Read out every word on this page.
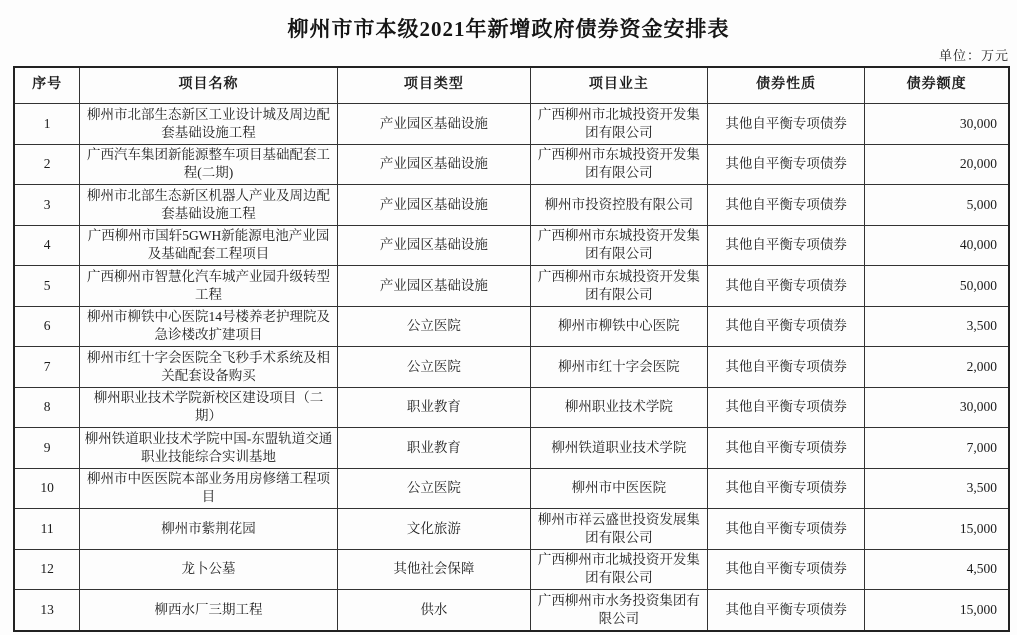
柳州市市本级2021年新增政府债券资金安排表
单位：万元
序号	项目名称	项目类型	项目业主	债券性质	债券额度
1	柳州市北部生态新区工业设计城及周边配套基础设施工程	产业园区基础设施	广西柳州市北城投资开发集团有限公司	其他自平衡专项债券	30,000
2	广西汽车集团新能源整车项目基础配套工程(二期)	产业园区基础设施	广西柳州市东城投资开发集团有限公司	其他自平衡专项债券	20,000
3	柳州市北部生态新区机器人产业及周边配套基础设施工程	产业园区基础设施	柳州市投资控股有限公司	其他自平衡专项债券	5,000
4	广西柳州市国轩5GWH新能源电池产业园及基础配套工程项目	产业园区基础设施	广西柳州市东城投资开发集团有限公司	其他自平衡专项债券	40,000
5	广西柳州市智慧化汽车城产业园升级转型工程	产业园区基础设施	广西柳州市东城投资开发集团有限公司	其他自平衡专项债券	50,000
6	柳州市柳铁中心医院14号楼养老护理院及急诊楼改扩建项目	公立医院	柳州市柳铁中心医院	其他自平衡专项债券	3,500
7	柳州市红十字会医院全飞秒手术系统及相关配套设备购买	公立医院	柳州市红十字会医院	其他自平衡专项债券	2,000
8	柳州职业技术学院新校区建设项目（二期）	职业教育	柳州职业技术学院	其他自平衡专项债券	30,000
9	柳州铁道职业技术学院中国-东盟轨道交通职业技能综合实训基地	职业教育	柳州铁道职业技术学院	其他自平衡专项债券	7,000
10	柳州市中医医院本部业务用房修缮工程项目	公立医院	柳州市中医医院	其他自平衡专项债券	3,500
11	柳州市紫荆花园	文化旅游	柳州市祥云盛世投资发展集团有限公司	其他自平衡专项债券	15,000
12	龙卜公墓	其他社会保障	广西柳州市北城投资开发集团有限公司	其他自平衡专项债券	4,500
13	柳西水厂三期工程	供水	广西柳州市水务投资集团有限公司	其他自平衡专项债券	15,000
